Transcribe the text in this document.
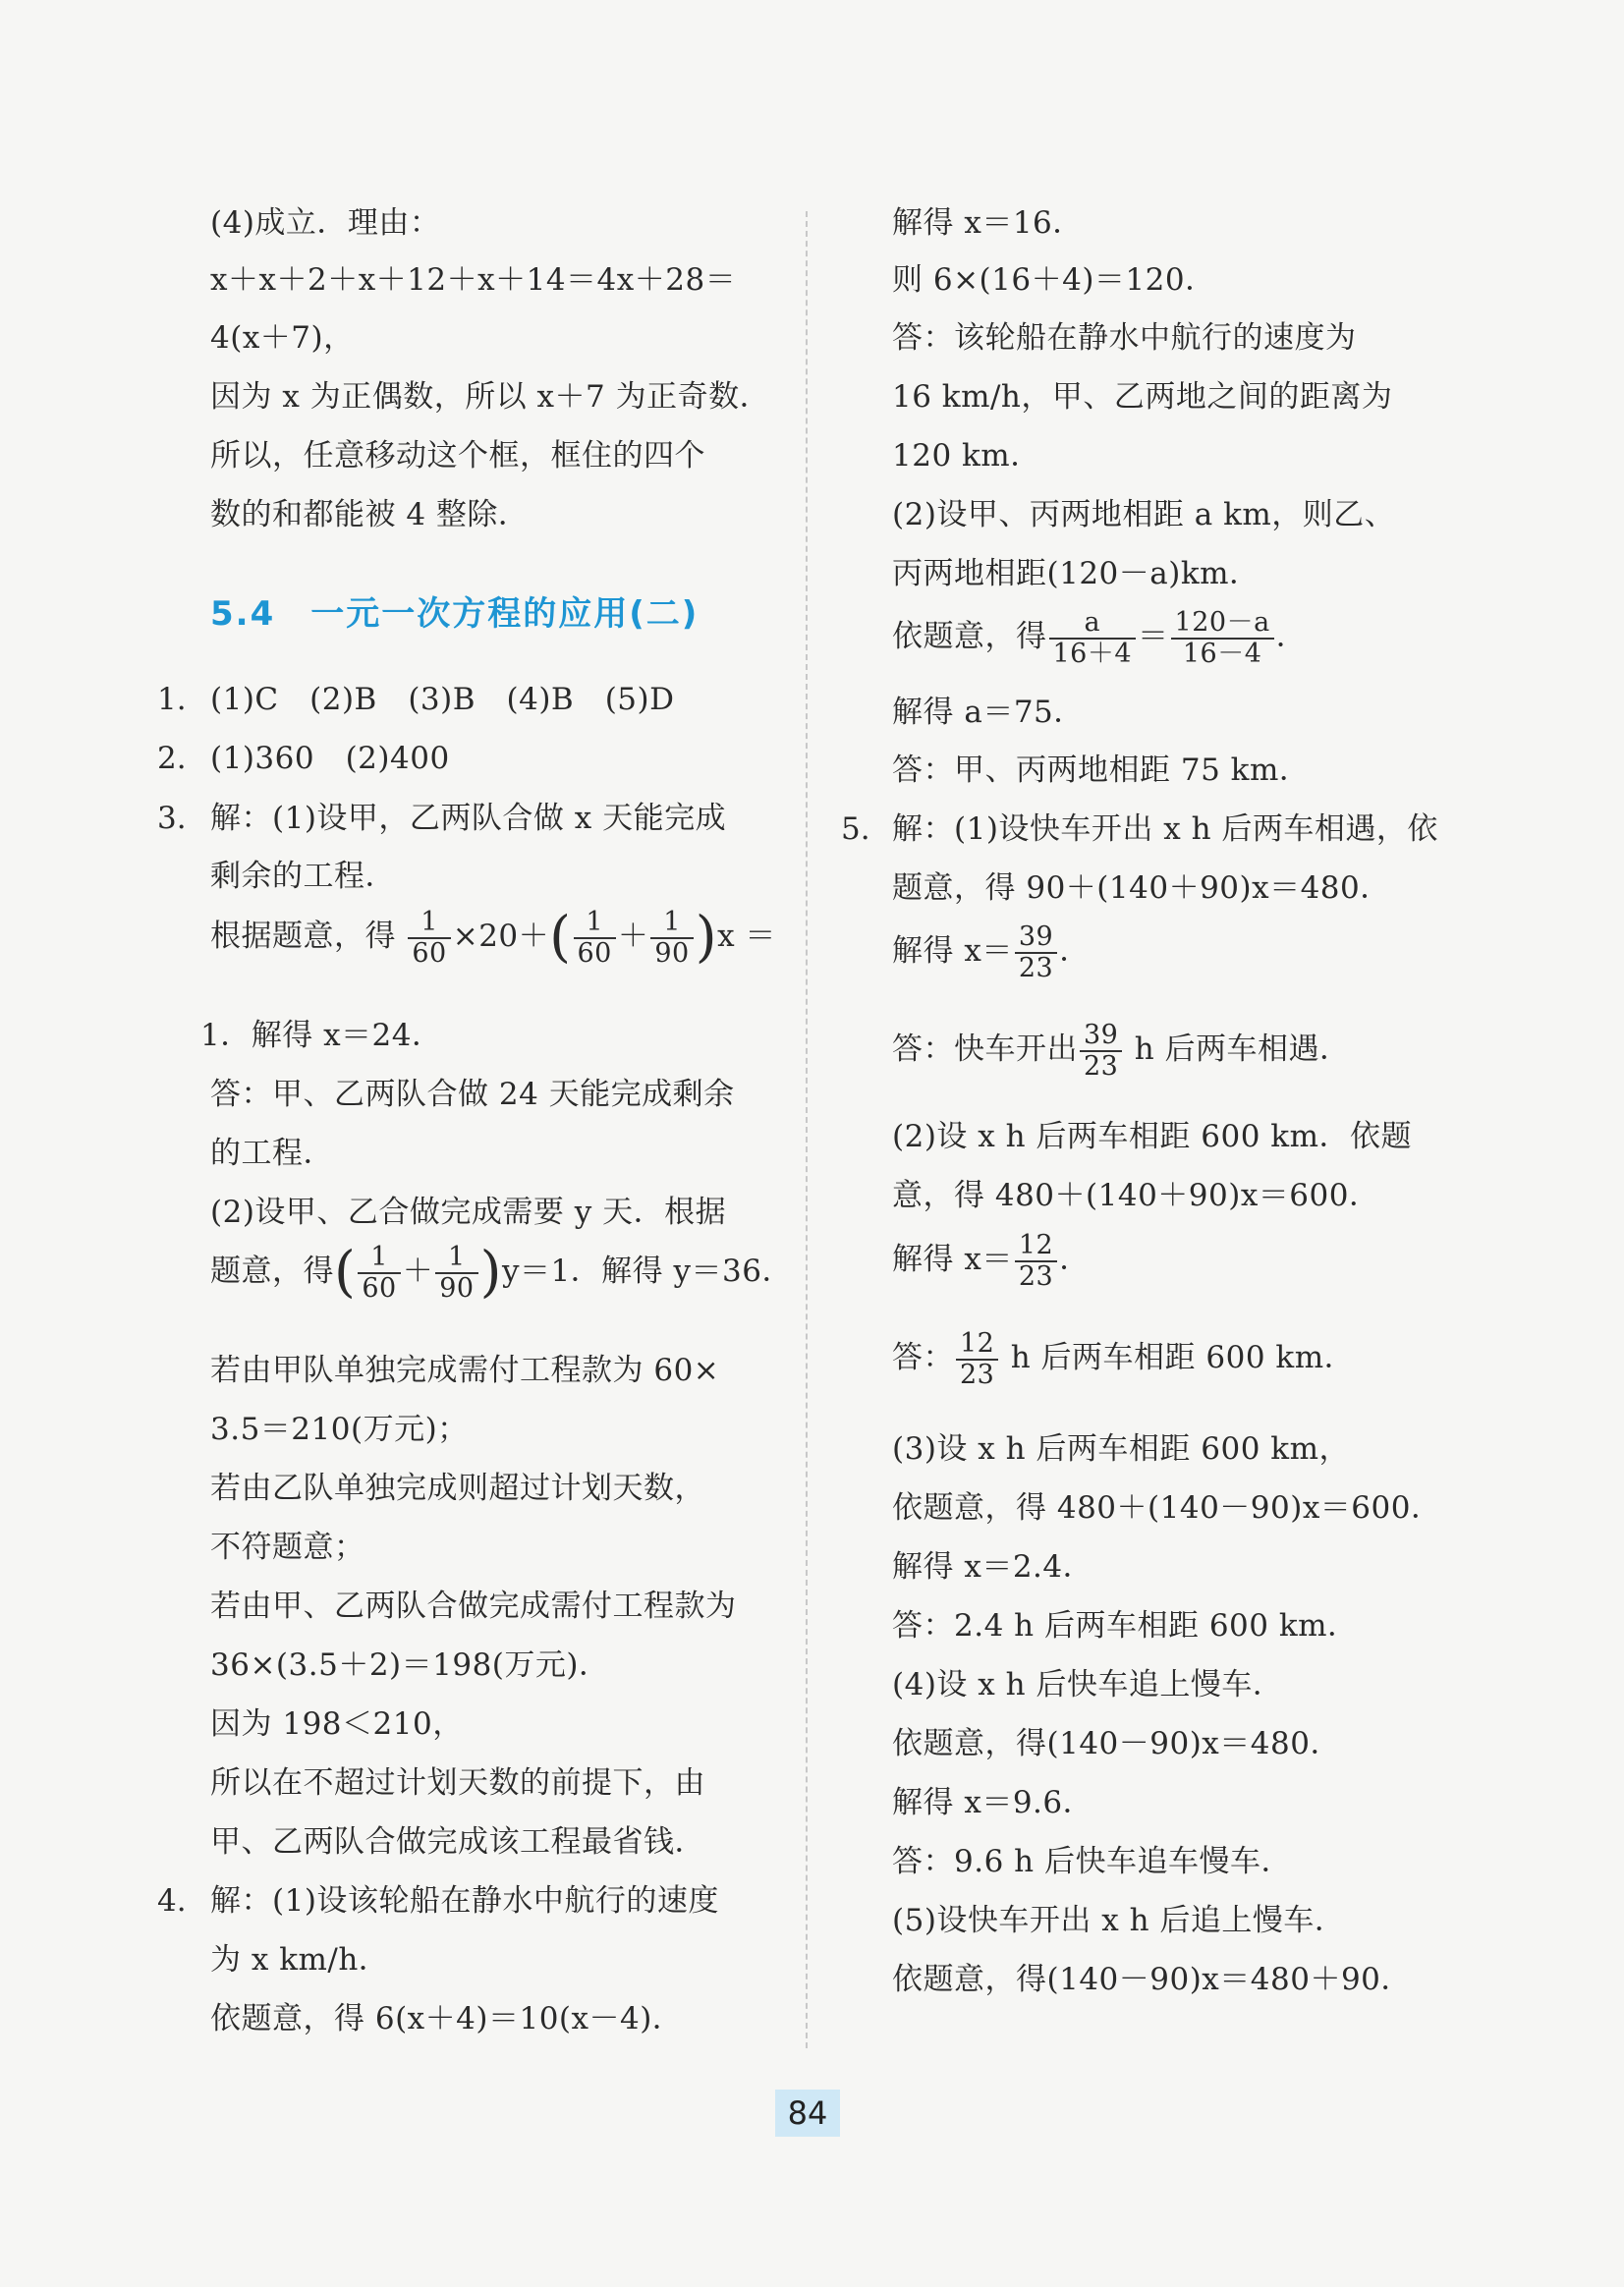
(4)成立．理由：
x＋x＋2＋x＋12＋x＋14＝4x＋28＝
4(x＋7)，
因为 x 为正偶数，所以 x＋7 为正奇数．
所以，任意移动这个框，框住的四个
数的和都能被 4 整除．
5.4　一元一次方程的应用(二)
1. (1)C　(2)B　(3)B　(4)B　(5)D
2. (1)360　(2)400
3. 解：(1)设甲，乙两队合做 x 天能完成
剩余的工程．
根据题意，得 $\frac{1}{60} \times 20+( \frac{1}{60} + \frac{1}{90} )x$ ＝
1．解得 x＝24．
答：甲、乙两队合做 24 天能完成剩余
的工程．
(2)设甲、乙合做完成需要 y 天．根据
题意，得( $\frac{1}{60} + \frac{1}{90} )y=1$．解得 y＝36．
若由甲队单独完成需付工程款为 60×
3.5＝210(万元)；
若由乙队单独完成则超过计划天数，
不符题意；
若由甲、乙两队合做完成需付工程款为
36×(3.5＋2)＝198(万元)．
因为 198＜210，
所以在不超过计划天数的前提下，由
甲、乙两队合做完成该工程最省钱．
4. 解：(1)设该轮船在静水中航行的速度
为 x km/h．
依题意，得 6(x＋4)＝10(x－4)．
解得 x＝16．
则 6×(16＋4)＝120．
答：该轮船在静水中航行的速度为
16 km/h，甲、乙两地之间的距离为
120 km．
(2)设甲、丙两地相距 a km，则乙、
丙两地相距(120－a)km．
依题意，得 $\frac{a}{16+4} = \frac{120-a}{16-4}$ ．
解得 a＝75．
答：甲、丙两地相距 75 km．
5. 解：(1)设快车开出 x h 后两车相遇，依
题意，得 90＋(140＋90)x＝480．
解得 $x= \frac{39}{23}$ ．
答：快车开出 $\frac{39}{23}$ h 后两车相遇．
(2)设 x h 后两车相距 600 km．依题
意，得 480＋(140＋90)x＝600．
解得 $x= \frac{12}{23}$ ．
答： $\frac{12}{23}$ h 后两车相距 600 km．
(3)设 x h 后两车相距 600 km，
依题意，得 480＋(140－90)x＝600．
解得 x＝2.4．
答：2.4 h 后两车相距 600 km．
(4)设 x h 后快车追上慢车．
依题意，得(140－90)x＝480．
解得 x＝9.6．
答：9.6 h 后快车追车慢车．
(5)设快车开出 x h 后追上慢车．
依题意，得(140－90)x＝480＋90．
84
